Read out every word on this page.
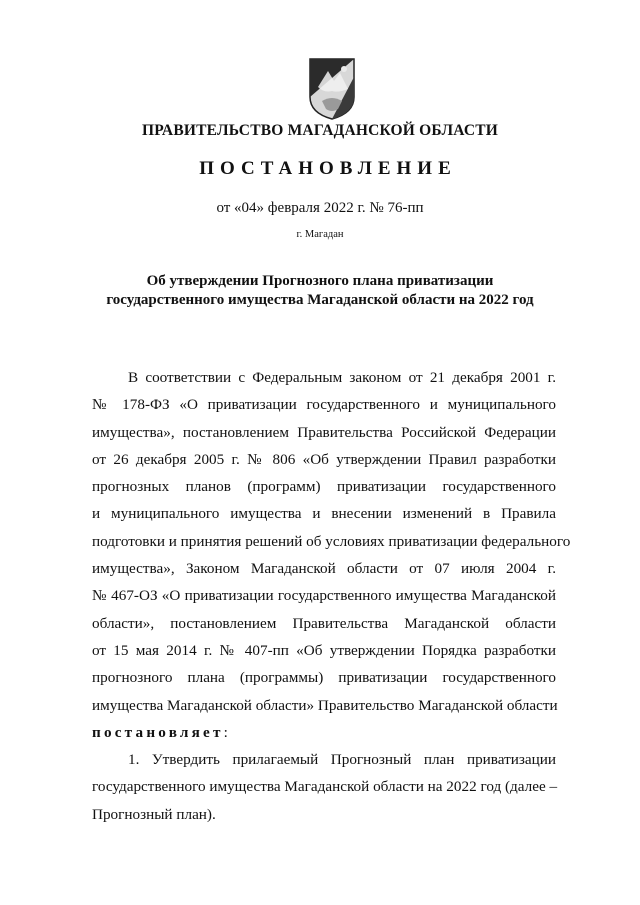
ПРАВИТЕЛЬСТВО МАГАДАНСКОЙ ОБЛАСТИ
ПОСТАНОВЛЕНИЕ
от «04» февраля 2022 г. № 76-пп
г. Магадан
Об утверждении Прогнозного плана приватизации
государственного имущества Магаданской области на 2022 год
В соответствии с Федеральным законом от 21 декабря 2001 г.
№ 178-ФЗ «О приватизации государственного и муниципального
имущества», постановлением Правительства Российской Федерации
от 26 декабря 2005 г. № 806 «Об утверждении Правил разработки
прогнозных планов (программ) приватизации государственного
и муниципального имущества и внесении изменений в Правила
подготовки и принятия решений об условиях приватизации федерального
имущества», Законом Магаданской области от 07 июля 2004 г.
№ 467-ОЗ «О приватизации государственного имущества Магаданской
области», постановлением Правительства Магаданской области
от 15 мая 2014 г. № 407-пп «Об утверждении Порядка разработки
прогнозного плана (программы) приватизации государственного
имущества Магаданской области» Правительство Магаданской области
постановляет:
1. Утвердить прилагаемый Прогнозный план приватизации
государственного имущества Магаданской области на 2022 год (далее –
Прогнозный план).
